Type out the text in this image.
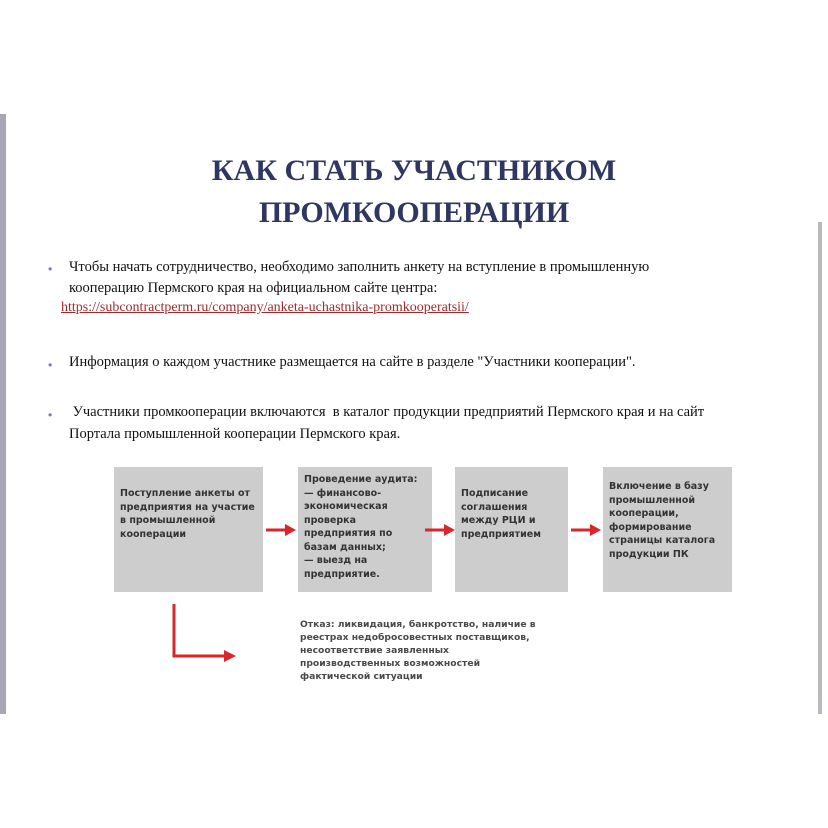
КАК СТАТЬ УЧАСТНИКОМ
ПРОМКООПЕРАЦИИ
• Чтобы начать сотрудничество, необходимо заполнить анкету на вступление в промышленную
кооперацию Пермского края на официальном сайте центра:
https://subcontractperm.ru/company/anketa-uchastnika-promkooperatsii/
• Информация о каждом участнике размещается на сайте в разделе "Участники кооперации".
• Участники промкооперации включаются  в каталог продукции предприятий Пермского края и на сайт
Портала промышленной кооперации Пермского края.
Поступление анкеты от
предприятия на участие
в промышленной
кооперации
Проведение аудита:
— финансово-
экономическая
проверка
предприятия по
базам данных;
— выезд на
предприятие.
Подписание
соглашения
между РЦИ и
предприятием
Включение в базу
промышленной
кооперации,
формирование
страницы каталога
продукции ПК
Отказ: ликвидация, банкротство, наличие в
реестрах недобросовестных поставщиков,
несоответствие заявленных
производственных возможностей
фактической ситуации
